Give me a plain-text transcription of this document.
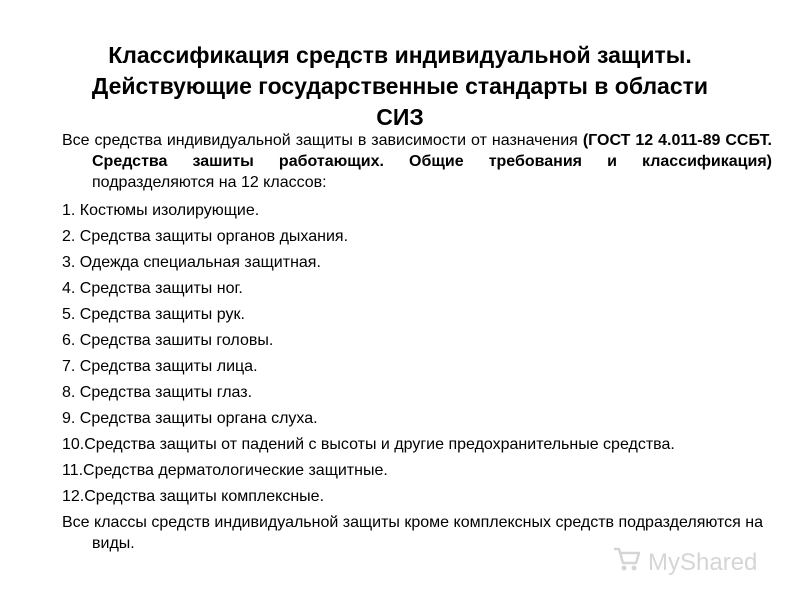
Классификация средств индивидуальной защиты.
Действующие государственные стандарты в области
СИЗ

Все средства индивидуальной защиты в зависимости от назначения (ГОСТ 12 4.011-89 ССБТ. Средства зашиты работающих. Общие требования и классификация) подразделяются на 12 классов:

1. Костюмы изолирующие.
2. Средства защиты органов дыхания.
3. Одежда специальная защитная.
4. Средства защиты ног.
5. Средства защиты рук.
6. Средства зашиты головы.
7. Средства защиты лица.
8. Средства защиты глаз.
9. Средства защиты органа слуха.
10.Средства защиты от падений с высоты и другие предохранительные средства.
11.Средства дерматологические защитные.
12.Средства защиты комплексные.

Все классы средств индивидуальной защиты кроме комплексных средств подразделяются на виды.

MyShared
